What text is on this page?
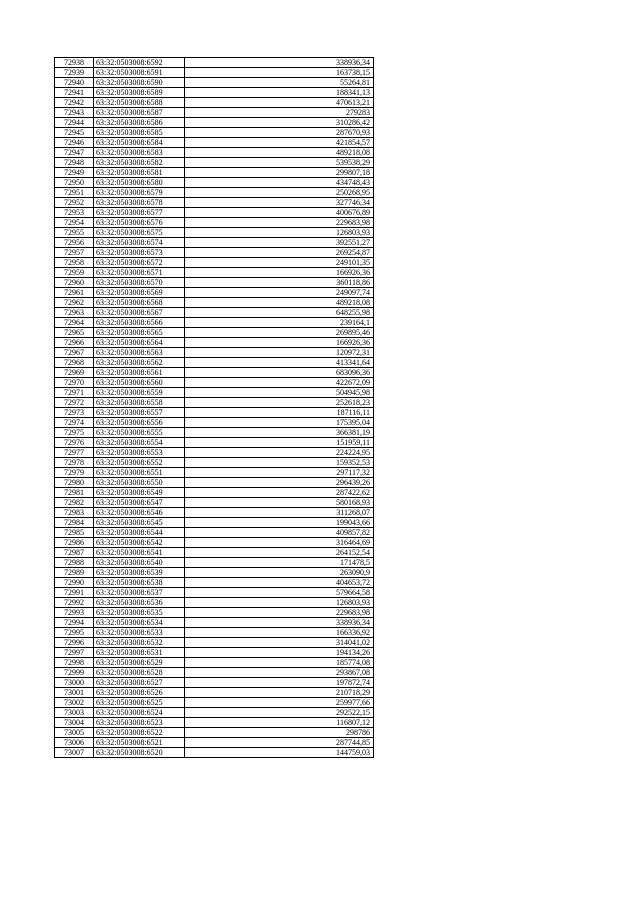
72938	63:32:0503008:6592	338936,34
72939	63:32:0503008:6591	163738,15
72940	63:32:0503008:6590	55264,81
72941	63:32:0503008:6589	188341,13
72942	63:32:0503008:6588	470613,21
72943	63:32:0503008:6587	279283
72944	63:32:0503008:6586	310286,42
72945	63:32:0503008:6585	287670,93
72946	63:32:0503008:6584	421854,57
72947	63:32:0503008:6583	489218,08
72948	63:32:0503008:6582	539538,29
72949	63:32:0503008:6581	299807,18
72950	63:32:0503008:6580	434748,43
72951	63:32:0503008:6579	250268,95
72952	63:32:0503008:6578	327746,34
72953	63:32:0503008:6577	400676,89
72954	63:32:0503008:6576	229683,98
72955	63:32:0503008:6575	126803,93
72956	63:32:0503008:6574	392551,27
72957	63:32:0503008:6573	269254,87
72958	63:32:0503008:6572	249101,35
72959	63:32:0503008:6571	166926,36
72960	63:32:0503008:6570	360118,86
72961	63:32:0503008:6569	249097,74
72962	63:32:0503008:6568	489218,08
72963	63:32:0503008:6567	648255,98
72964	63:32:0503008:6566	239164,1
72965	63:32:0503008:6565	269895,46
72966	63:32:0503008:6564	166926,36
72967	63:32:0503008:6563	120972,31
72968	63:32:0503008:6562	413341,64
72969	63:32:0503008:6561	683096,36
72970	63:32:0503008:6560	422672,09
72971	63:32:0503008:6559	504945,98
72972	63:32:0503008:6558	252618,23
72973	63:32:0503008:6557	187116,11
72974	63:32:0503008:6556	175395,04
72975	63:32:0503008:6555	366381,19
72976	63:32:0503008:6554	151959,11
72977	63:32:0503008:6553	224224,95
72978	63:32:0503008:6552	159352,53
72979	63:32:0503008:6551	297117,32
72980	63:32:0503008:6550	296439,26
72981	63:32:0503008:6549	287422,62
72982	63:32:0503008:6547	580168,93
72983	63:32:0503008:6546	311268,07
72984	63:32:0503008:6545	199043,66
72985	63:32:0503008:6544	409857,82
72986	63:32:0503008:6542	316464,69
72987	63:32:0503008:6541	264152,54
72988	63:32:0503008:6540	171478,5
72989	63:32:0503008:6539	263090,9
72990	63:32:0503008:6538	404653,72
72991	63:32:0503008:6537	579664,58
72992	63:32:0503008:6536	126803,93
72993	63:32:0503008:6535	229683,98
72994	63:32:0503008:6534	338936,34
72995	63:32:0503008:6533	166336,92
72996	63:32:0503008:6532	314041,02
72997	63:32:0503008:6531	194134,26
72998	63:32:0503008:6529	185774,08
72999	63:32:0503008:6528	293867,08
73000	63:32:0503008:6527	197872,74
73001	63:32:0503008:6526	210718,29
73002	63:32:0503008:6525	259977,66
73003	63:32:0503008:6524	292522,15
73004	63:32:0503008:6523	116807,12
73005	63:32:0503008:6522	298786
73006	63:32:0503008:6521	287744,85
73007	63:32:0503008:6520	144759,03
